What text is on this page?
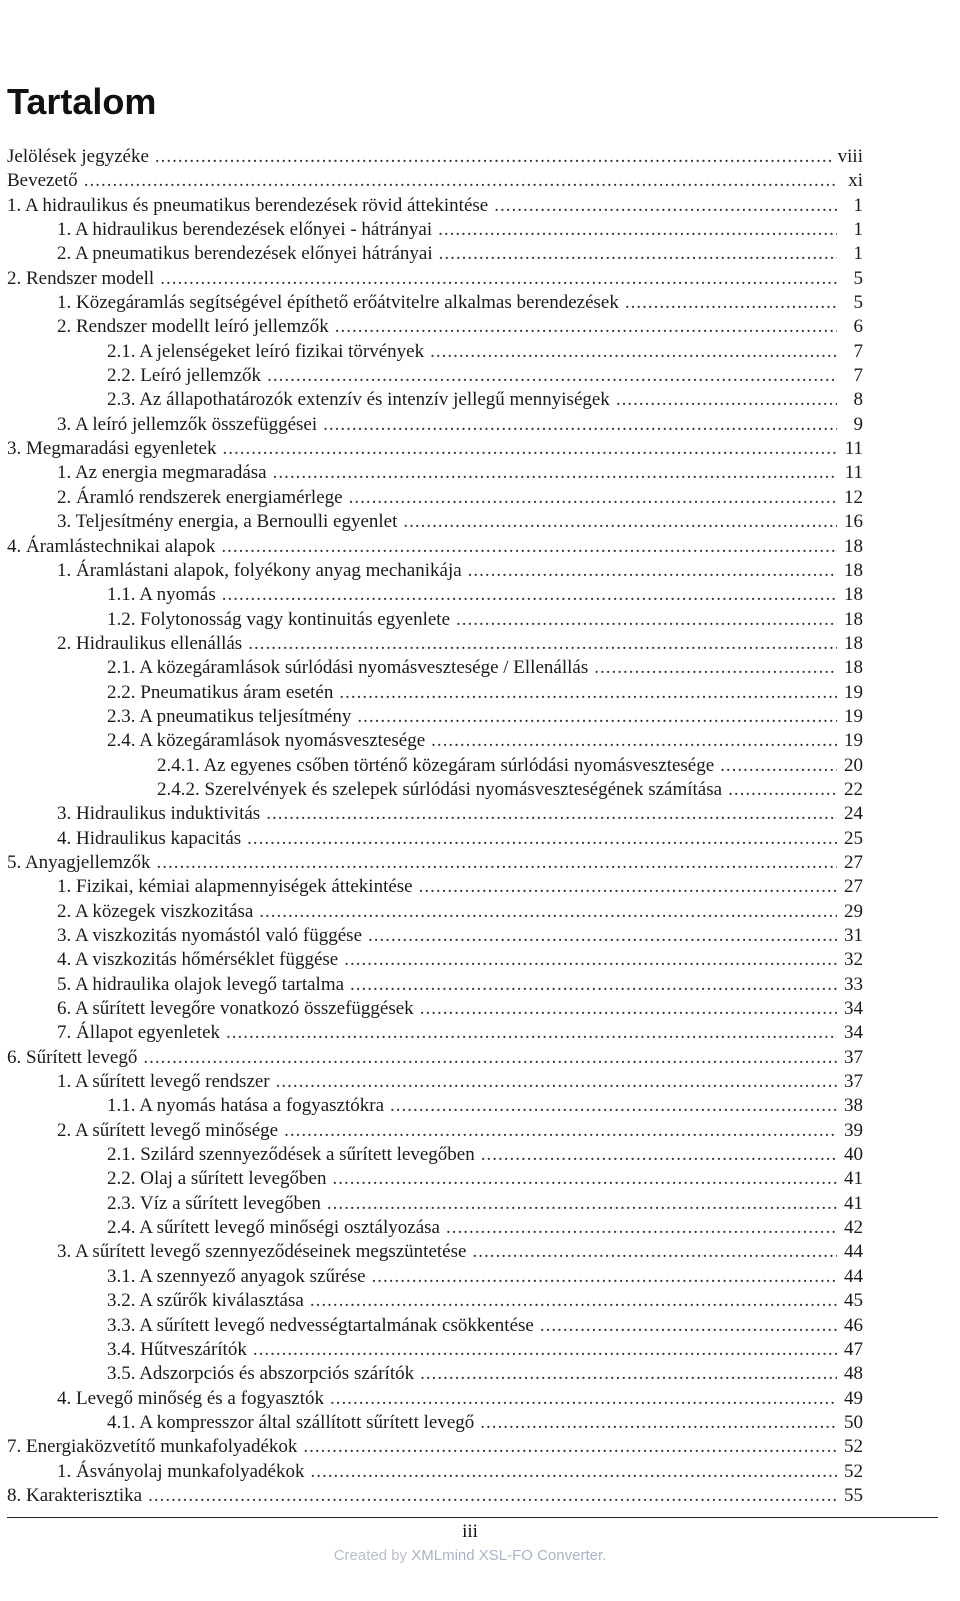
Tartalom
Jelölések jegyzéke .....	viii
Bevezető .....	xi
1. A hidraulikus és pneumatikus berendezések rövid áttekintése .....	1
1. A hidraulikus berendezések előnyei - hátrányai .....	1
2. A pneumatikus berendezések előnyei hátrányai .....	1
2. Rendszer modell .....	5
1. Közegáramlás segítségével építhető erőátvitelre alkalmas berendezések .....	5
2. Rendszer modellt leíró jellemzők .....	6
2.1. A jelenségeket leíró fizikai törvények .....	7
2.2. Leíró jellemzők .....	7
2.3. Az állapothatározók extenzív és intenzív jellegű mennyiségek .....	8
3. A leíró jellemzők összefüggései .....	9
3. Megmaradási egyenletek .....	11
1. Az energia megmaradása .....	11
2. Áramló rendszerek energiamérlege .....	12
3. Teljesítmény energia, a Bernoulli egyenlet .....	16
4. Áramlástechnikai alapok .....	18
1. Áramlástani alapok, folyékony anyag mechanikája .....	18
1.1. A nyomás .....	18
1.2. Folytonosság vagy kontinuitás egyenlete .....	18
2. Hidraulikus ellenállás .....	18
2.1. A közegáramlások súrlódási nyomásvesztesége / Ellenállás .....	18
2.2. Pneumatikus áram esetén .....	19
2.3. A pneumatikus teljesítmény .....	19
2.4. A közegáramlások nyomásvesztesége .....	19
2.4.1. Az egyenes csőben történő közegáram súrlódási nyomásvesztesége .....	20
2.4.2. Szerelvények és szelepek súrlódási nyomásveszteségének számítása .....	22
3. Hidraulikus induktivitás .....	24
4. Hidraulikus kapacitás .....	25
5. Anyagjellemzők .....	27
1. Fizikai, kémiai alapmennyiségek áttekintése .....	27
2. A közegek viszkozitása .....	29
3. A viszkozitás nyomástól való függése .....	31
4. A viszkozitás hőmérséklet függése .....	32
5. A hidraulika olajok levegő tartalma .....	33
6. A sűrített levegőre vonatkozó összefüggések .....	34
7. Állapot egyenletek .....	34
6. Sűrített levegő .....	37
1. A sűrített levegő rendszer .....	37
1.1. A nyomás hatása a fogyasztókra .....	38
2. A sűrített levegő minősége .....	39
2.1. Szilárd szennyeződések a sűrített levegőben .....	40
2.2. Olaj a sűrített levegőben .....	41
2.3. Víz a sűrített levegőben .....	41
2.4. A sűrített levegő minőségi osztályozása .....	42
3. A sűrített levegő szennyeződéseinek megszüntetése .....	44
3.1. A szennyező anyagok szűrése .....	44
3.2. A szűrők kiválasztása .....	45
3.3. A sűrített levegő nedvességtartalmának csökkentése .....	46
3.4. Hűtveszárítók .....	47
3.5. Adszorpciós és abszorpciós szárítók .....	48
4. Levegő minőség és a fogyasztók .....	49
4.1. A kompresszor által szállított sűrített levegő .....	50
7. Energiaközvetítő munkafolyadékok .....	52
1. Ásványolaj munkafolyadékok .....	52
8. Karakterisztika .....	55
iii
Created by XMLmind XSL-FO Converter.
